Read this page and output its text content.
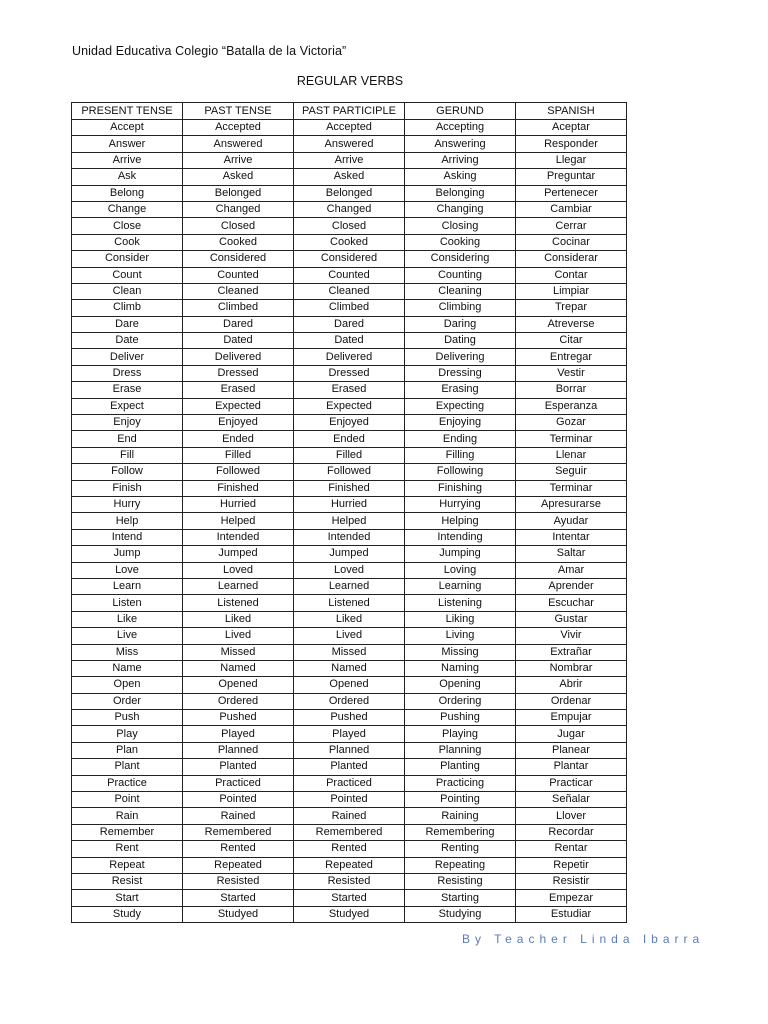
Unidad Educativa Colegio “Batalla de la Victoria”
REGULAR VERBS
PRESENT TENSE	PAST TENSE	PAST PARTICIPLE	GERUND	SPANISH
Accept	Accepted	Accepted	Accepting	Aceptar
Answer	Answered	Answered	Answering	Responder
Arrive	Arrive	Arrive	Arriving	Llegar
Ask	Asked	Asked	Asking	Preguntar
Belong	Belonged	Belonged	Belonging	Pertenecer
Change	Changed	Changed	Changing	Cambiar
Close	Closed	Closed	Closing	Cerrar
Cook	Cooked	Cooked	Cooking	Cocinar
Consider	Considered	Considered	Considering	Considerar
Count	Counted	Counted	Counting	Contar
Clean	Cleaned	Cleaned	Cleaning	Limpiar
Climb	Climbed	Climbed	Climbing	Trepar
Dare	Dared	Dared	Daring	Atreverse
Date	Dated	Dated	Dating	Citar
Deliver	Delivered	Delivered	Delivering	Entregar
Dress	Dressed	Dressed	Dressing	Vestir
Erase	Erased	Erased	Erasing	Borrar
Expect	Expected	Expected	Expecting	Esperanza
Enjoy	Enjoyed	Enjoyed	Enjoying	Gozar
End	Ended	Ended	Ending	Terminar
Fill	Filled	Filled	Filling	Llenar
Follow	Followed	Followed	Following	Seguir
Finish	Finished	Finished	Finishing	Terminar
Hurry	Hurried	Hurried	Hurrying	Apresurarse
Help	Helped	Helped	Helping	Ayudar
Intend	Intended	Intended	Intending	Intentar
Jump	Jumped	Jumped	Jumping	Saltar
Love	Loved	Loved	Loving	Amar
Learn	Learned	Learned	Learning	Aprender
Listen	Listened	Listened	Listening	Escuchar
Like	Liked	Liked	Liking	Gustar
Live	Lived	Lived	Living	Vivir
Miss	Missed	Missed	Missing	Extrañar
Name	Named	Named	Naming	Nombrar
Open	Opened	Opened	Opening	Abrir
Order	Ordered	Ordered	Ordering	Ordenar
Push	Pushed	Pushed	Pushing	Empujar
Play	Played	Played	Playing	Jugar
Plan	Planned	Planned	Planning	Planear
Plant	Planted	Planted	Planting	Plantar
Practice	Practiced	Practiced	Practicing	Practicar
Point	Pointed	Pointed	Pointing	Señalar
Rain	Rained	Rained	Raining	Llover
Remember	Remembered	Remembered	Remembering	Recordar
Rent	Rented	Rented	Renting	Rentar
Repeat	Repeated	Repeated	Repeating	Repetir
Resist	Resisted	Resisted	Resisting	Resistir
Start	Started	Started	Starting	Empezar
Study	Studyed	Studyed	Studying	Estudiar
By Teacher Linda Ibarra
